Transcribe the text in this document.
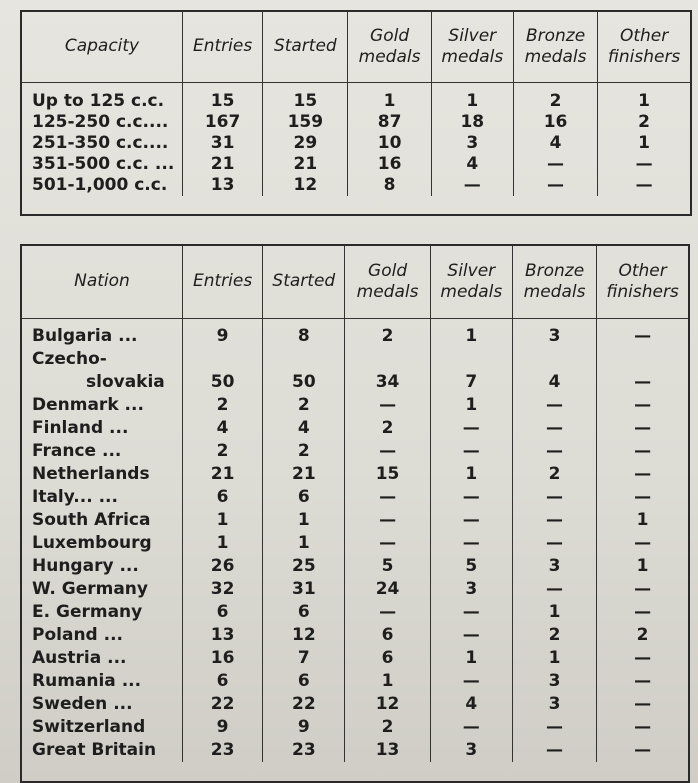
Capacity	Entries	Started	Gold medals	Silver medals	Bronze medals	Other finishers
Up to 125 c.c.	15	15	1	1	2	1
125-250 c.c....	167	159	87	18	16	2
251-350 c.c....	31	29	10	3	4	1
351-500 c.c. ...	21	21	16	4	—	—
501-1,000 c.c.	13	12	8	—	—	—
Nation	Entries	Started	Gold medals	Silver medals	Bronze medals	Other finishers
Bulgaria ...	9	8	2	1	3	—
Czecho-						
slovakia	50	50	34	7	4	—
Denmark ...	2	2	—	1	—	—
Finland ...	4	4	2	—	—	—
France ...	2	2	—	—	—	—
Netherlands	21	21	15	1	2	—
Italy... ...	6	6	—	—	—	—
South Africa	1	1	—	—	—	1
Luxembourg	1	1	—	—	—	—
Hungary ...	26	25	5	5	3	1
W. Germany	32	31	24	3	—	—
E. Germany	6	6	—	—	1	—
Poland ...	13	12	6	—	2	2
Austria ...	16	7	6	1	1	—
Rumania ...	6	6	1	—	3	—
Sweden ...	22	22	12	4	3	—
Switzerland	9	9	2	—	—	—
Great Britain	23	23	13	3	—	—
